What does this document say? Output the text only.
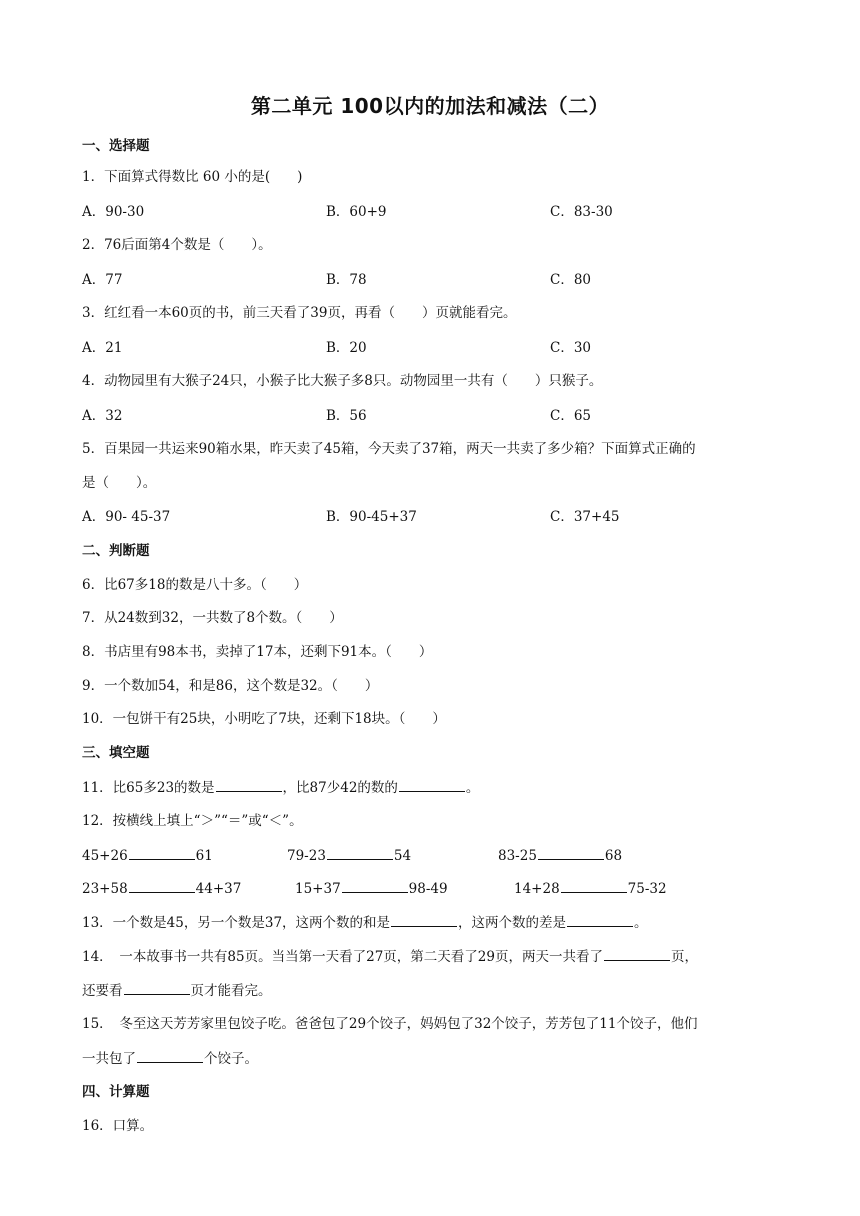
第二单元 100以内的加法和减法（二）
一、选择题
1．下面算式得数比 60 小的是(　　)
A．90-30	B．60+9	C．83-30
2．76后面第4个数是（　　）。
A．77	B．78	C．80
3．红红看一本60页的书，前三天看了39页，再看（　　）页就能看完。
A．21	B．20	C．30
4．动物园里有大猴子24只，小猴子比大猴子多8只。动物园里一共有（　　）只猴子。
A．32	B．56	C．65
5．百果园一共运来90箱水果，昨天卖了45箱，今天卖了37箱，两天一共卖了多少箱？下面算式正确的
是（　　）。
A．90- 45-37	B．90-45+37	C．37+45
二、判断题
6．比67多18的数是八十多。（　　）
7．从24数到32，一共数了8个数。（　　）
8．书店里有98本书，卖掉了17本，还剩下91本。（　　）
9．一个数加54，和是86，这个数是32。（　　）
10．一包饼干有25块，小明吃了7块，还剩下18块。（　　）
三、填空题
11．比65多23的数是	，比87少42的数的	。
12．按横线上填上“＞”“＝”或“＜”。
45+26	61	79-23	54	83-25	68
23+58	44+37	15+37	98-49	14+28	75-32
13．一个数是45，另一个数是37，这两个数的和是	，这两个数的差是	。
14．　一本故事书一共有85页。当当第一天看了27页，第二天看了29页，两天一共看了	页，
还要看	页才能看完。
15．　冬至这天芳芳家里包饺子吃。爸爸包了29个饺子，妈妈包了32个饺子，芳芳包了11个饺子，他们
一共包了	个饺子。
四、计算题
16．口算。
